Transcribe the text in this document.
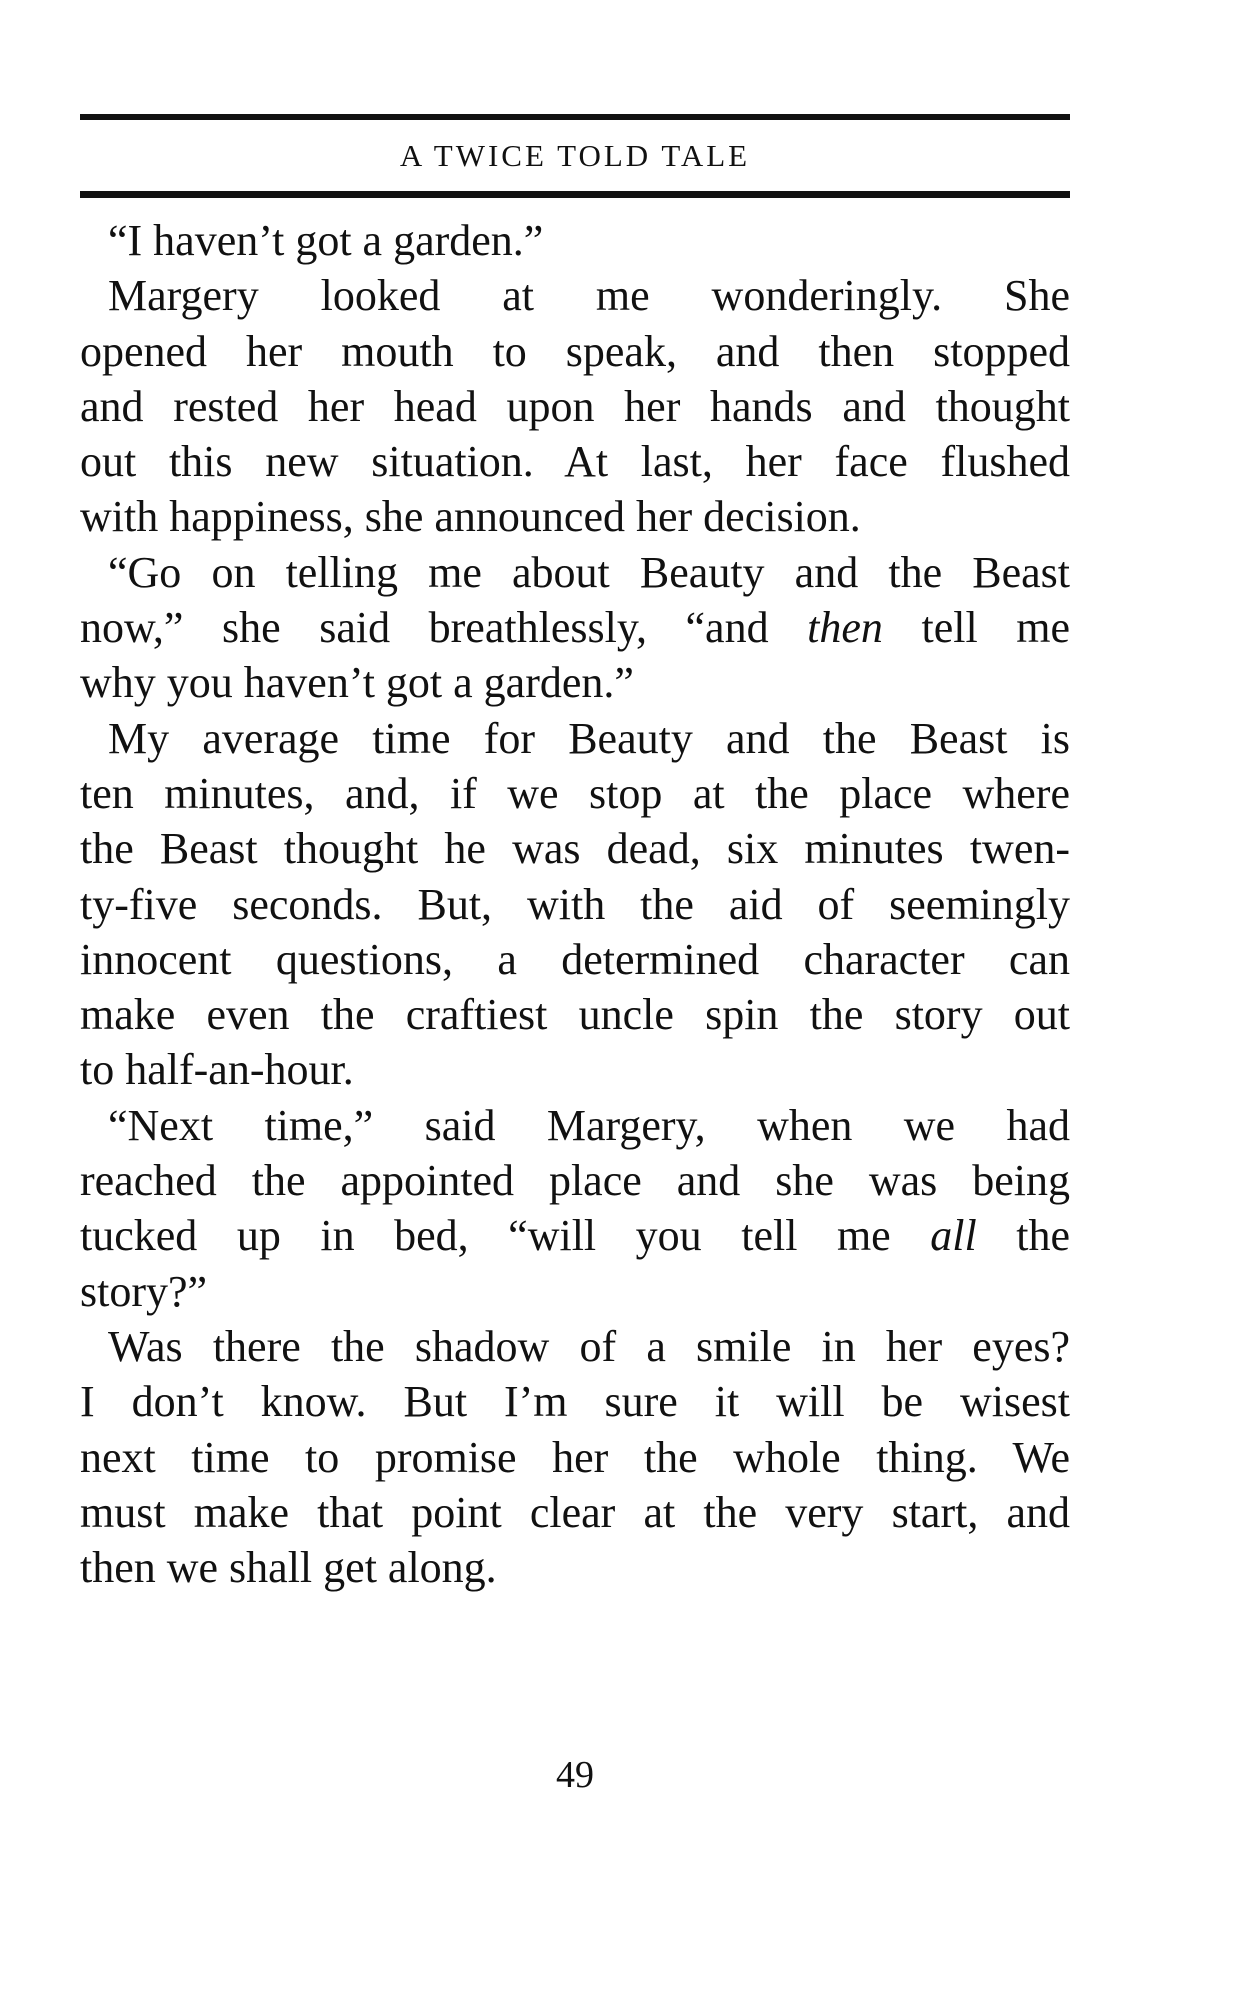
A TWICE TOLD TALE

“I haven’t got a garden.”

Margery looked at me wonderingly. She
opened her mouth to speak, and then stopped
and rested her head upon her hands and thought
out this new situation. At last, her face flushed
with happiness, she announced her decision.

“Go on telling me about Beauty and the Beast
now,” she said breathlessly, “and then tell me
why you haven’t got a garden.”

My average time for Beauty and the Beast is
ten minutes, and, if we stop at the place where
the Beast thought he was dead, six minutes twen-
ty-five seconds. But, with the aid of seemingly
innocent questions, a determined character can
make even the craftiest uncle spin the story out
to half-an-hour.

“Next time,” said Margery, when we had
reached the appointed place and she was being
tucked up in bed, “will you tell me all the
story?”

Was there the shadow of a smile in her eyes?
I don’t know. But I’m sure it will be wisest
next time to promise her the whole thing. We
must make that point clear at the very start, and
then we shall get along.

49
